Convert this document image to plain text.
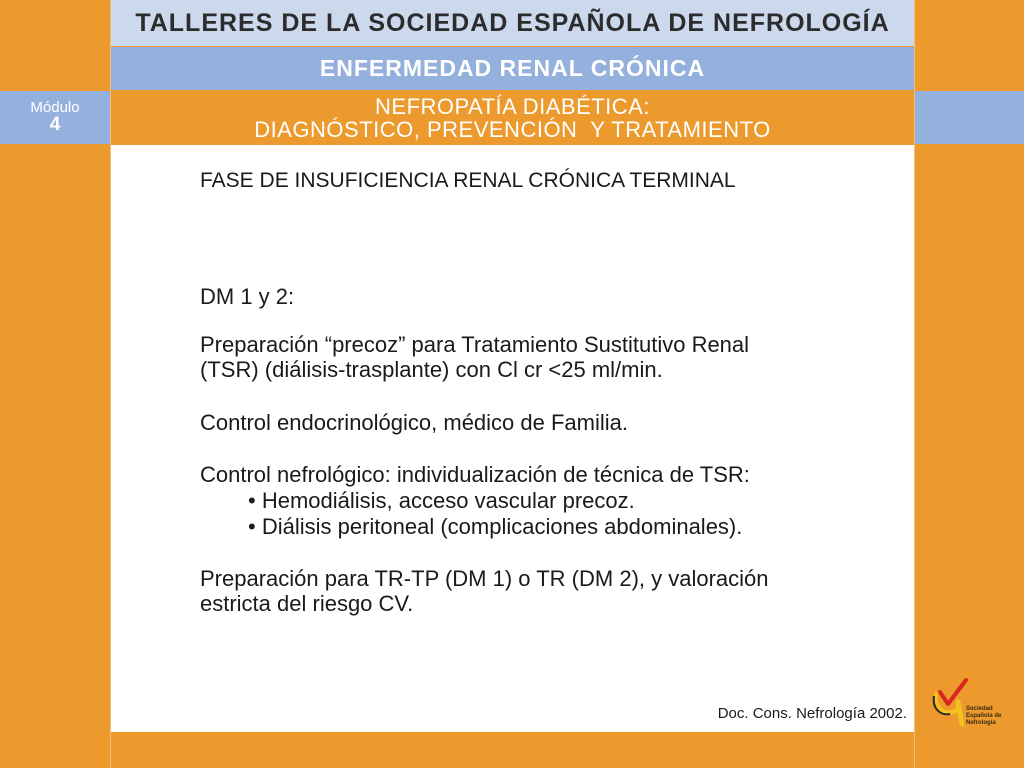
TALLERES DE LA SOCIEDAD ESPAÑOLA DE NEFROLOGÍA
ENFERMEDAD RENAL CRÓNICA
Módulo
4
NEFROPATÍA DIABÉTICA:
DIAGNÓSTICO, PREVENCIÓN  Y TRATAMIENTO
FASE DE INSUFICIENCIA RENAL CRÓNICA TERMINAL
DM 1 y 2:
Preparación “precoz” para Tratamiento Sustitutivo Renal
(TSR) (diálisis-trasplante) con Cl cr <25 ml/min.
Control endocrinológico, médico de Familia.
Control nefrológico: individualización de técnica de TSR:
• Hemodiálisis, acceso vascular precoz.
• Diálisis peritoneal (complicaciones abdominales).
Preparación para TR-TP (DM 1) o TR (DM 2), y valoración
estricta del riesgo CV.
Doc. Cons. Nefrología 2002.	Sociedad
Española de
Nefrología
